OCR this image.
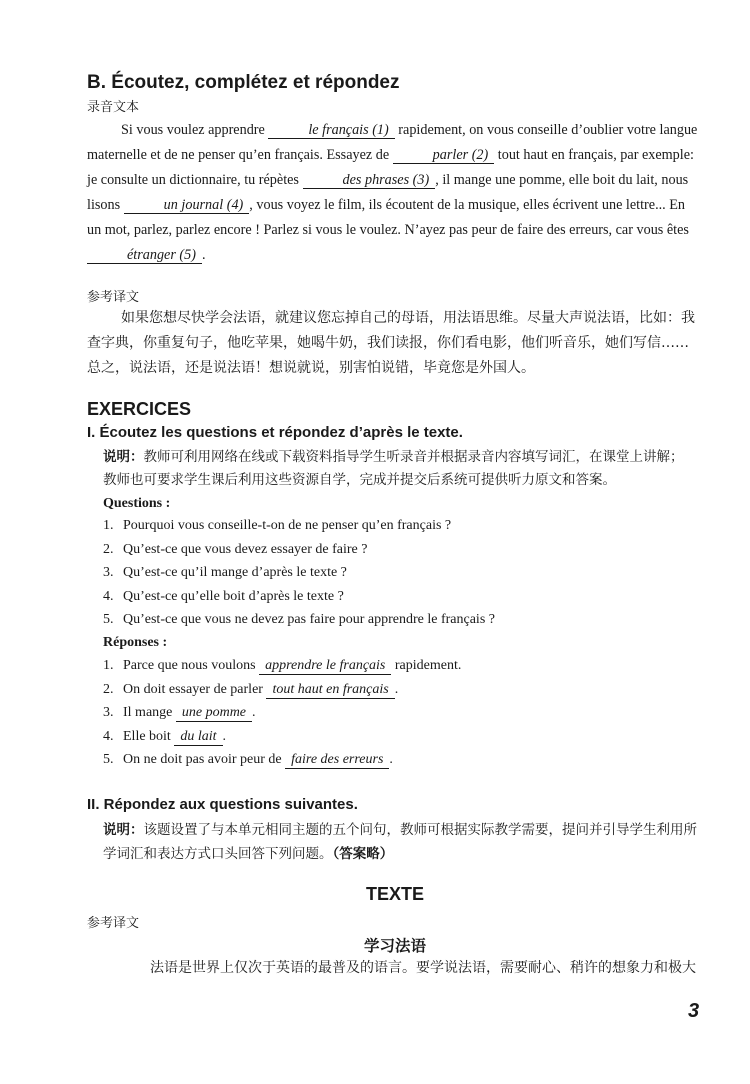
B. Écoutez, complétez et répondez
录音文本
Si vous voulez apprendre	le français (1) rapidement, on vous conseille d’oublier votre langue maternelle et de ne penser qu’en français. Essayez de	parler (2) tout haut en français, par exemple: je consulte un dictionnaire, tu répètes	des phrases (3) , il mange une pomme, elle boit du lait, nous lisons	un journal (4) , vous voyez le film, ils écoutent de la musique, elles écrivent une lettre... En un mot, parlez, parlez encore ! Parlez si vous le voulez. N’ayez pas peur de faire des erreurs, car vous êtes étranger (5) .
参考译文
如果您想尽快学会法语，就建议您忘掉自己的母语，用法语思维。尽量大声说法语，比如：我查字典，你重复句子，他吃苹果，她喝牛奶，我们读报，你们看电影，他们听音乐，她们写信……总之，说法语，还是说法语！想说就说，别害怕说错，毕竟您是外国人。
EXERCICES
I. Écoutez les questions et répondez d’après le texte.
说明：教师可利用网络在线或下载资料指导学生听录音并根据录音内容填写词汇，在课堂上讲解；教师也可要求学生课后利用这些资源自学，完成并提交后系统可提供听力原文和答案。
Questions :
1. Pourquoi vous conseille-t-on de ne penser qu’en français ?
2. Qu’est-ce que vous devez essayer de faire ?
3. Qu’est-ce qu’il mange d’après le texte ?
4. Qu’est-ce qu’elle boit d’après le texte ?
5. Qu’est-ce que vous ne devez pas faire pour apprendre le français ?
Réponses :
1. Parce que nous voulons apprendre le français rapidement.
2. On doit essayer de parler tout haut en français .
3. Il mange une pomme .
4. Elle boit du lait .
5. On ne doit pas avoir peur de faire des erreurs .
II. Répondez aux questions suivantes.
说明：该题设置了与本单元相同主题的五个问句，教师可根据实际教学需要，提问并引导学生利用所学词汇和表达方式口头回答下列问题。（答案略）
TEXTE
参考译文
学习法语
法语是世界上仅次于英语的最普及的语言。要学说法语，需要耐心、稍许的想象力和极大
3
